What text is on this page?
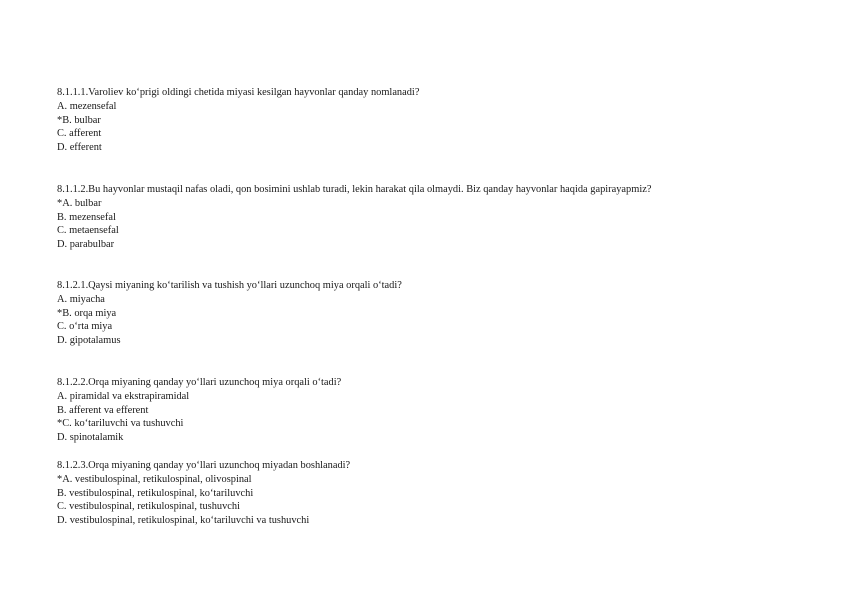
8.1.1.1.Varoliev ko‘prigi oldingi chetida miyasi kesilgan hayvonlar qanday nomlanadi?
A. mezensefal
*B. bulbar
C. afferent
D. efferent
8.1.1.2.Bu hayvonlar mustaqil nafas oladi, qon bosimini ushlab turadi, lekin harakat qila olmaydi. Biz qanday hayvonlar haqida gapirayapmiz?
*A. bulbar
B. mezensefal
C. metaensefal
D. parabulbar
8.1.2.1.Qaysi miyaning ko‘tarilish va tushish yo‘llari uzunchoq miya orqali o‘tadi?
A. miyacha
*B. orqa miya
C. o‘rta miya
D. gipotalamus
8.1.2.2.Orqa miyaning qanday yo‘llari uzunchoq miya orqali o‘tadi?
A. piramidal va ekstrapiramidal
B. afferent va efferent
*C. ko‘tariluvchi va tushuvchi
D. spinotalamik
8.1.2.3.Orqa miyaning qanday yo‘llari uzunchoq miyadan boshlanadi?
*A. vestibulospinal, retikulospinal, olivospinal
B. vestibulospinal, retikulospinal, ko‘tariluvchi
C. vestibulospinal, retikulospinal, tushuvchi
D. vestibulospinal, retikulospinal, ko‘tariluvchi va tushuvchi
